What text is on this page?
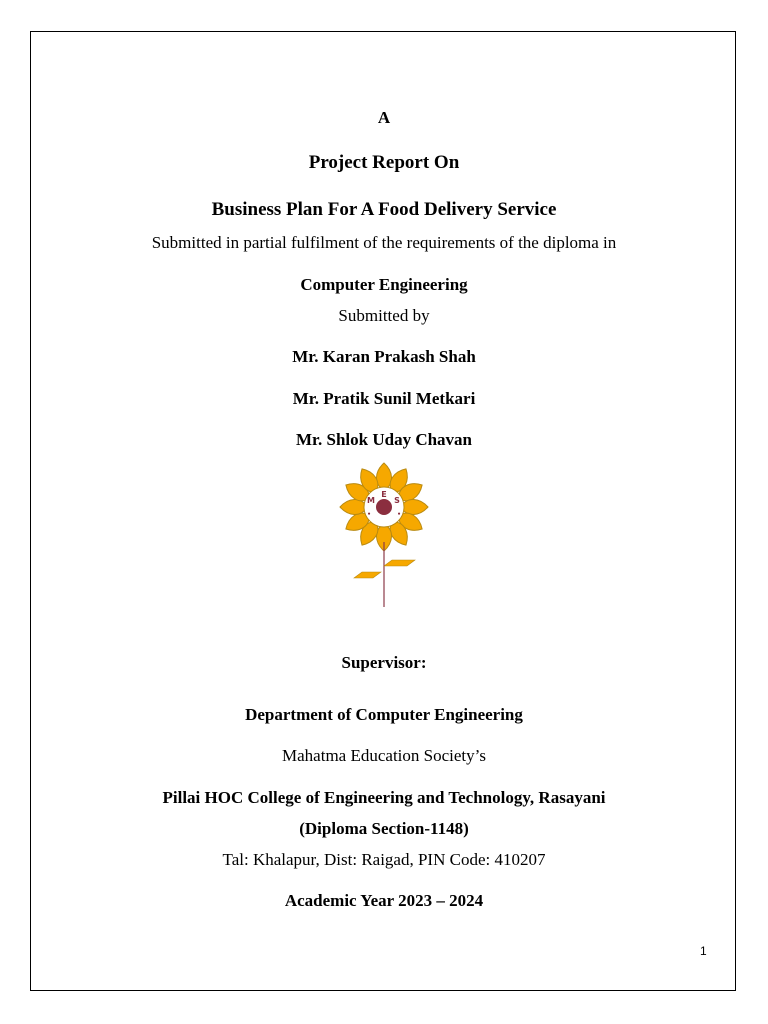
A
Project Report On
Business Plan For A Food Delivery Service
Submitted in partial fulfilment of the requirements of the diploma in
Computer Engineering
Submitted by
Mr. Karan Prakash Shah
Mr. Pratik Sunil Metkari
Mr. Shlok Uday Chavan
M
E
S
•	•
Supervisor:
Department of Computer Engineering
Mahatma Education Society’s
Pillai HOC College of Engineering and Technology, Rasayani
(Diploma Section-1148)
Tal: Khalapur, Dist: Raigad, PIN Code: 410207
Academic Year 2023 – 2024
1
